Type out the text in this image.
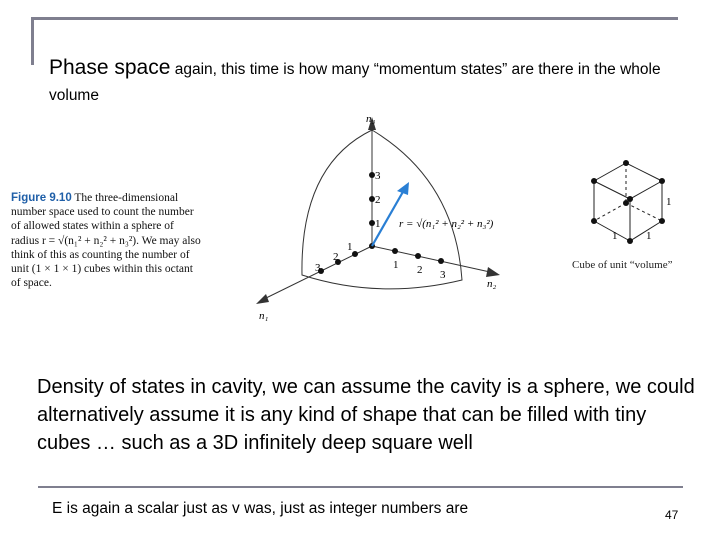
Phase space again, this time is how many “momentum states” are there in the whole volume
3
2
1
1 2 3
1
2
3
n₃
n₂
n₁
r = √(n₁² + n₂² + n₃²)
1
1	1
Figure 9.10 The three-dimensional number space used to count the number of allowed states within a sphere of radius r = √(n₁² + n₂² + n₃²). We may also think of this as counting the number of unit (1 × 1 × 1) cubes within this octant of space.
Cube of unit “volume”
Density of states in cavity, we can assume the cavity is a sphere, we could alternatively assume it is any kind of shape that can be filled with tiny cubes … such as a 3D infinitely deep square well
E is again a scalar just as v was, just as integer numbers are	47
